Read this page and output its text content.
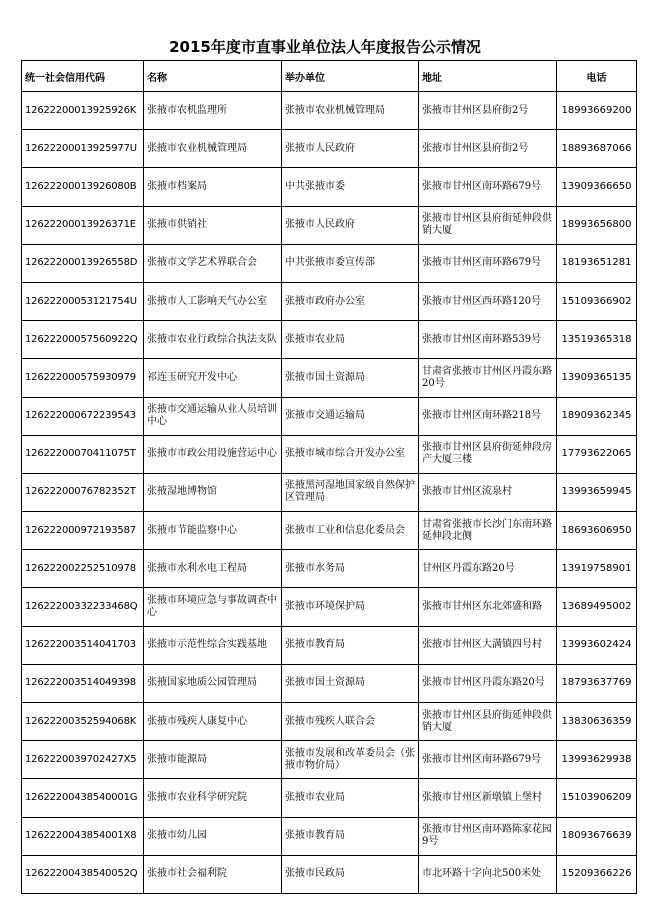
2015年度市直事业单位法人年度报告公示情况
统一社会信用代码	名称	举办单位	地址	电话
12622200013925926K	张掖市农机监理所	张掖市农业机械管理局	张掖市甘州区县府街2号	18993669200
12622200013925977U	张掖市农业机械管理局	张掖市人民政府	张掖市甘州区县府街2号	18893687066
12622200013926080B	张掖市档案局	中共张掖市委	张掖市甘州区南环路679号	13909366650
12622200013926371E	张掖市供销社	张掖市人民政府	张掖市甘州区县府街延伸段供销大厦	18993656800
12622200013926558D	张掖市文学艺术界联合会	中共张掖市委宣传部	张掖市甘州区南环路679号	18193651281
12622200053121754U	张掖市人工影响天气办公室	张掖市政府办公室	张掖市甘州区西环路120号	15109366902
12622200057560922Q	张掖市农业行政综合执法支队	张掖市农业局	张掖市甘州区南环路539号	13519365318
126222000575930979	祁连玉研究开发中心	张掖市国土资源局	甘肃省张掖市甘州区丹霞东路20号	13909365135
126222000672239543	张掖市交通运输从业人员培训中心	张掖市交通运输局	张掖市甘州区南环路218号	18909362345
12622200070411075T	张掖市市政公用设施营运中心	张掖市城市综合开发办公室	张掖市甘州区县府街延伸段房产大厦三楼	17793622065
12622200076782352T	张掖湿地博物馆	张掖黑河湿地国家级自然保护区管理局	张掖市甘州区流泉村	13993659945
126222000972193587	张掖市节能监察中心	张掖市工业和信息化委员会	甘肃省张掖市长沙门东南环路延伸段北侧	18693606950
126222002252510978	张掖市水利水电工程局	张掖市水务局	甘州区丹霞东路20号	13919758901
12622200332233468Q	张掖市环境应急与事故调查中心	张掖市环境保护局	张掖市甘州区东北郊盛和路	13689495002
126222003514041703	张掖市示范性综合实践基地	张掖市教育局	张掖市甘州区大满镇四号村	13993602424
126222003514049398	张掖国家地质公园管理局	张掖市国土资源局	张掖市甘州区丹霞东路20号	18793637769
12622200352594068K	张掖市残疾人康复中心	张掖市残疾人联合会	张掖市甘州区县府街延伸段供销大厦	13830636359
1262220039702427X5	张掖市能源局	张掖市发展和改革委员会（张掖市物价局）	张掖市甘州区南环路679号	13993629938
12622200438540001G	张掖市农业科学研究院	张掖市农业局	张掖市甘州区新墩镇上堡村	15103906209
1262220043854001X8	张掖市幼儿园	张掖市教育局	张掖市甘州区南环路陈家花园9号	18093676639
12622200438540052Q	张掖市社会福利院	张掖市民政局	市北环路十字向北500米处	15209366226
